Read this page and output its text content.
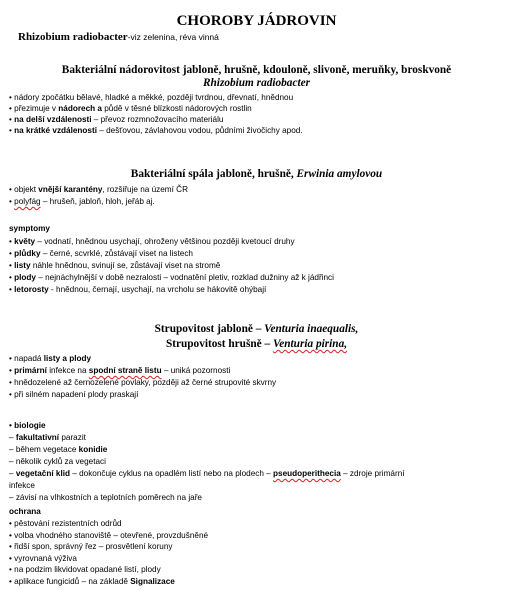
CHOROBY JÁDROVIN
Rhizobium radiobacter-viz zelenina, réva vinná
Bakteriální nádorovitost jabloně, hrušně, kdouloně, slivoně, meruňky, broskvoně
Rhizobium radiobacter
• nádory zpočátku bělavé, hladké a měkké, později tvrdnou, dřevnatí, hnědnou
• přezimuje v nádorech a půdě v těsné blízkosti nádorových rostlin
• na delší vzdálenosti – převoz rozmnožovacího materiálu
• na krátké vzdálenosti – dešťovou, závlahovou vodou, půdními živočichy apod.
Bakteriální spála jabloně, hrušně, Erwinia amylovou
• objekt vnější karantény, rozšiřuje na území ČR
• polyfág – hrušeň, jabloň, hloh, jeřáb aj.
symptomy
• květy – vodnatí, hnědnou usychají, ohroženy většinou později kvetoucí druhy
• plůdky – černé, scvrklé, zůstávají viset na listech
• listy náhle hnědnou, svinují se, zůstávají viset na stromě
• plody – nejnáchylnější v době nezralosti – vodnatění pletiv, rozklad dužniny až k jádřinci
• letorosty - hnědnou, černají, usychají, na vrcholu se hákovitě ohýbají
Strupovitost jabloně – Venturia inaequalis,
Strupovitost hrušně – Venturia pirina,
• napadá listy a plody
• primární infekce na spodní straně listu – uniká pozornosti
• hnědozelené až černozelené povlaky, později až černé strupovité skvrny
• při silném napadení plody praskají
• biologie
– fakultativní parazit
– během vegetace konidie
– několik cyklů za vegetaci
– vegetační klid – dokončuje cyklus na opadlém listí nebo na plodech – pseudoperithecia – zdroje primární
infekce
– závisí na vlhkostních a teplotních poměrech na jaře
ochrana
• pěstování rezistentních odrůd
• volba vhodného stanoviště – otevřené, provzdušněné
• řidší spon, správný řez – prosvětlení koruny
• vyrovnaná výživa
• na podzim likvidovat opadané listí, plody
• aplikace fungicidů – na základě Signalizace
